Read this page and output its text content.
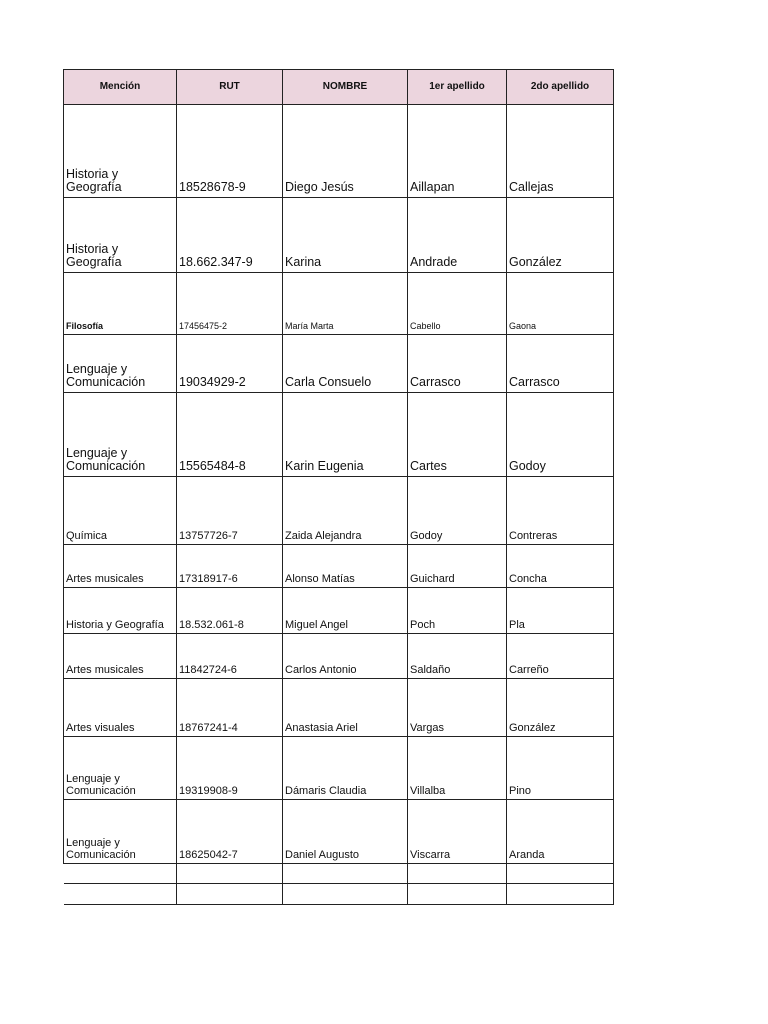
Mención	RUT	NOMBRE	1er apellido	2do apellido
Historia y Geografía	18528678-9	Diego Jesús	Aillapan	Callejas
Historia y Geografía	18.662.347-9	Karina	Andrade	González
Filosofía	17456475-2	María Marta	Cabello	Gaona
Lenguaje y Comunicación	19034929-2	Carla Consuelo	Carrasco	Carrasco
Lenguaje y Comunicación	15565484-8	Karin Eugenia	Cartes	Godoy
Química	13757726-7	Zaida Alejandra	Godoy	Contreras
Artes musicales	17318917-6	Alonso Matías	Guichard	Concha
Historia y Geografía	18.532.061-8	Miguel Angel	Poch	Pla
Artes musicales	11842724-6	Carlos Antonio	Saldaño	Carreño
Artes visuales	18767241-4	Anastasia Ariel	Vargas	González
Lenguaje y Comunicación	19319908-9	Dámaris Claudia	Villalba	Pino
Lenguaje y Comunicación	18625042-7	Daniel Augusto	Viscarra	Aranda
